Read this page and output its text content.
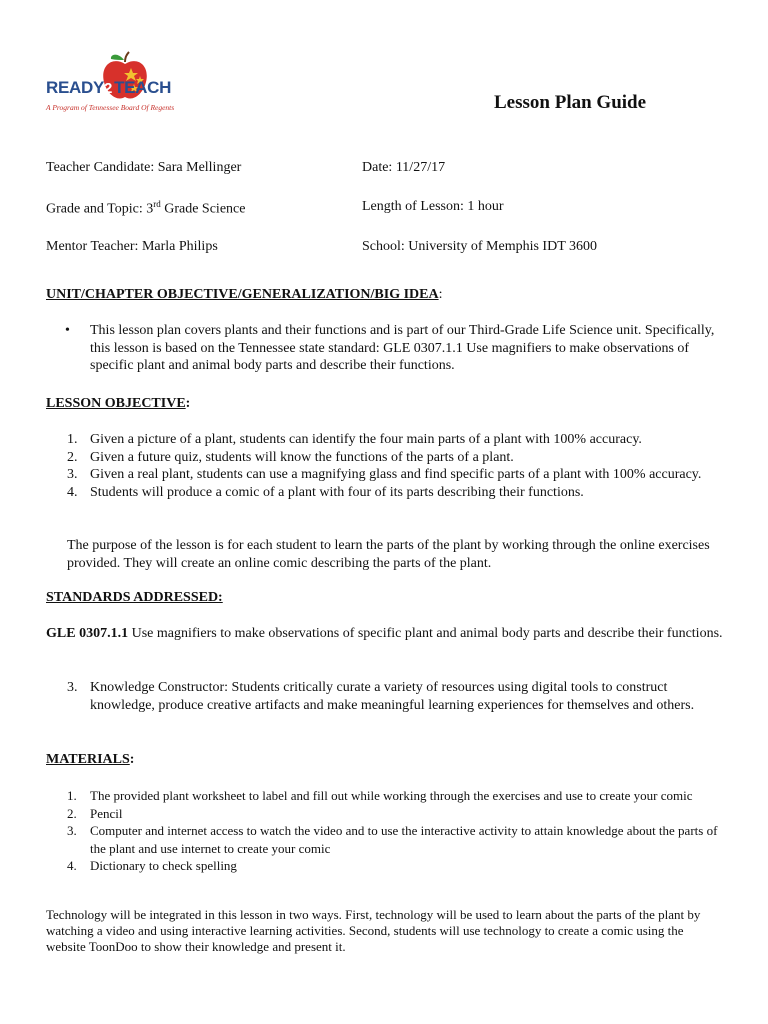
READY2 TEACH
A Program of Tennessee Board Of Regents	Lesson Plan Guide
Teacher Candidate: Sara Mellinger	Date: 11/27/17
Grade and Topic: 3rd Grade Science	Length of Lesson: 1 hour
Mentor Teacher: Marla Philips	School: University of Memphis IDT 3600
UNIT/CHAPTER OBJECTIVE/GENERALIZATION/BIG IDEA:
• This lesson plan covers plants and their functions and is part of our Third-Grade Life Science unit. Specifically, this lesson is based on the Tennessee state standard: GLE 0307.1.1 Use magnifiers to make observations of specific plant and animal body parts and describe their functions.
LESSON OBJECTIVE:
1. Given a picture of a plant, students can identify the four main parts of a plant with 100% accuracy.
2. Given a future quiz, students will know the functions of the parts of a plant.
3. Given a real plant, students can use a magnifying glass and find specific parts of a plant with 100% accuracy.
4. Students will produce a comic of a plant with four of its parts describing their functions.
The purpose of the lesson is for each student to learn the parts of the plant by working through the online exercises provided. They will create an online comic describing the parts of the plant.
STANDARDS ADDRESSED:
GLE 0307.1.1 Use magnifiers to make observations of specific plant and animal body parts and describe their functions.
3. Knowledge Constructor: Students critically curate a variety of resources using digital tools to construct knowledge, produce creative artifacts and make meaningful learning experiences for themselves and others.
MATERIALS:
1. The provided plant worksheet to label and fill out while working through the exercises and use to create your comic
2. Pencil
3. Computer and internet access to watch the video and to use the interactive activity to attain knowledge about the parts of the plant and use internet to create your comic
4. Dictionary to check spelling
Technology will be integrated in this lesson in two ways. First, technology will be used to learn about the parts of the plant by watching a video and using interactive learning activities. Second, students will use technology to create a comic using the website ToonDoo to show their knowledge and present it.
